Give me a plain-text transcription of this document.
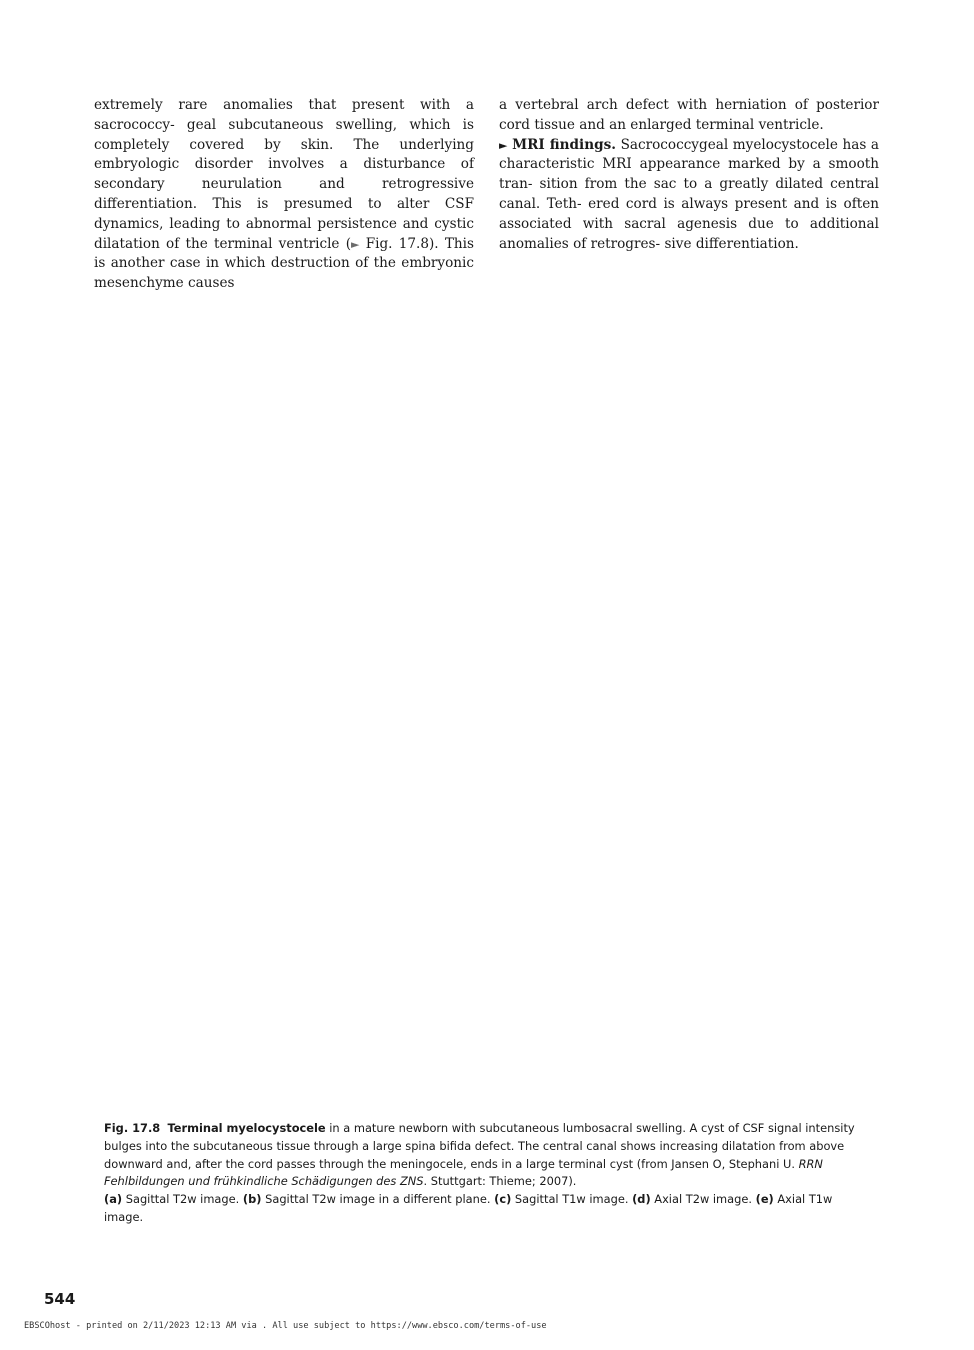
extremely rare anomalies that present with a sacrococcy- geal subcutaneous swelling, which is completely covered by skin. The underlying embryologic disorder involves a disturbance of secondary neurulation and retrogressive differentiation. This is presumed to alter CSF dynamics, leading to abnormal persistence and cystic dilatation of the terminal ventricle (► Fig. 17.8). This is another case in which destruction of the embryonic mesenchyme causes

a vertebral arch defect with herniation of posterior cord tissue and an enlarged terminal ventricle.

► MRI findings. Sacrococcygeal myelocystocele has a characteristic MRI appearance marked by a smooth tran- sition from the sac to a greatly dilated central canal. Teth- ered cord is always present and is often associated with sacral agenesis due to additional anomalies of retrogres- sive differentiation.

Fig. 17.8 Terminal myelocystocele in a mature newborn with subcutaneous lumbosacral swelling. A cyst of CSF signal intensity bulges into the subcutaneous tissue through a large spina bifida defect. The central canal shows increasing dilatation from above downward and, after the cord passes through the meningocele, ends in a large terminal cyst (from Jansen O, Stephani U. RRN Fehlbildungen und frühkindliche Schädigungen des ZNS. Stuttgart: Thieme; 2007).

(a) Sagittal T2w image. (b) Sagittal T2w image in a different plane. (c) Sagittal T1w image. (d) Axial T2w image. (e) Axial T1w image.

544
EBSCOhost - printed on 2/11/2023 12:13 AM via . All use subject to https://www.ebsco.com/terms-of-use
